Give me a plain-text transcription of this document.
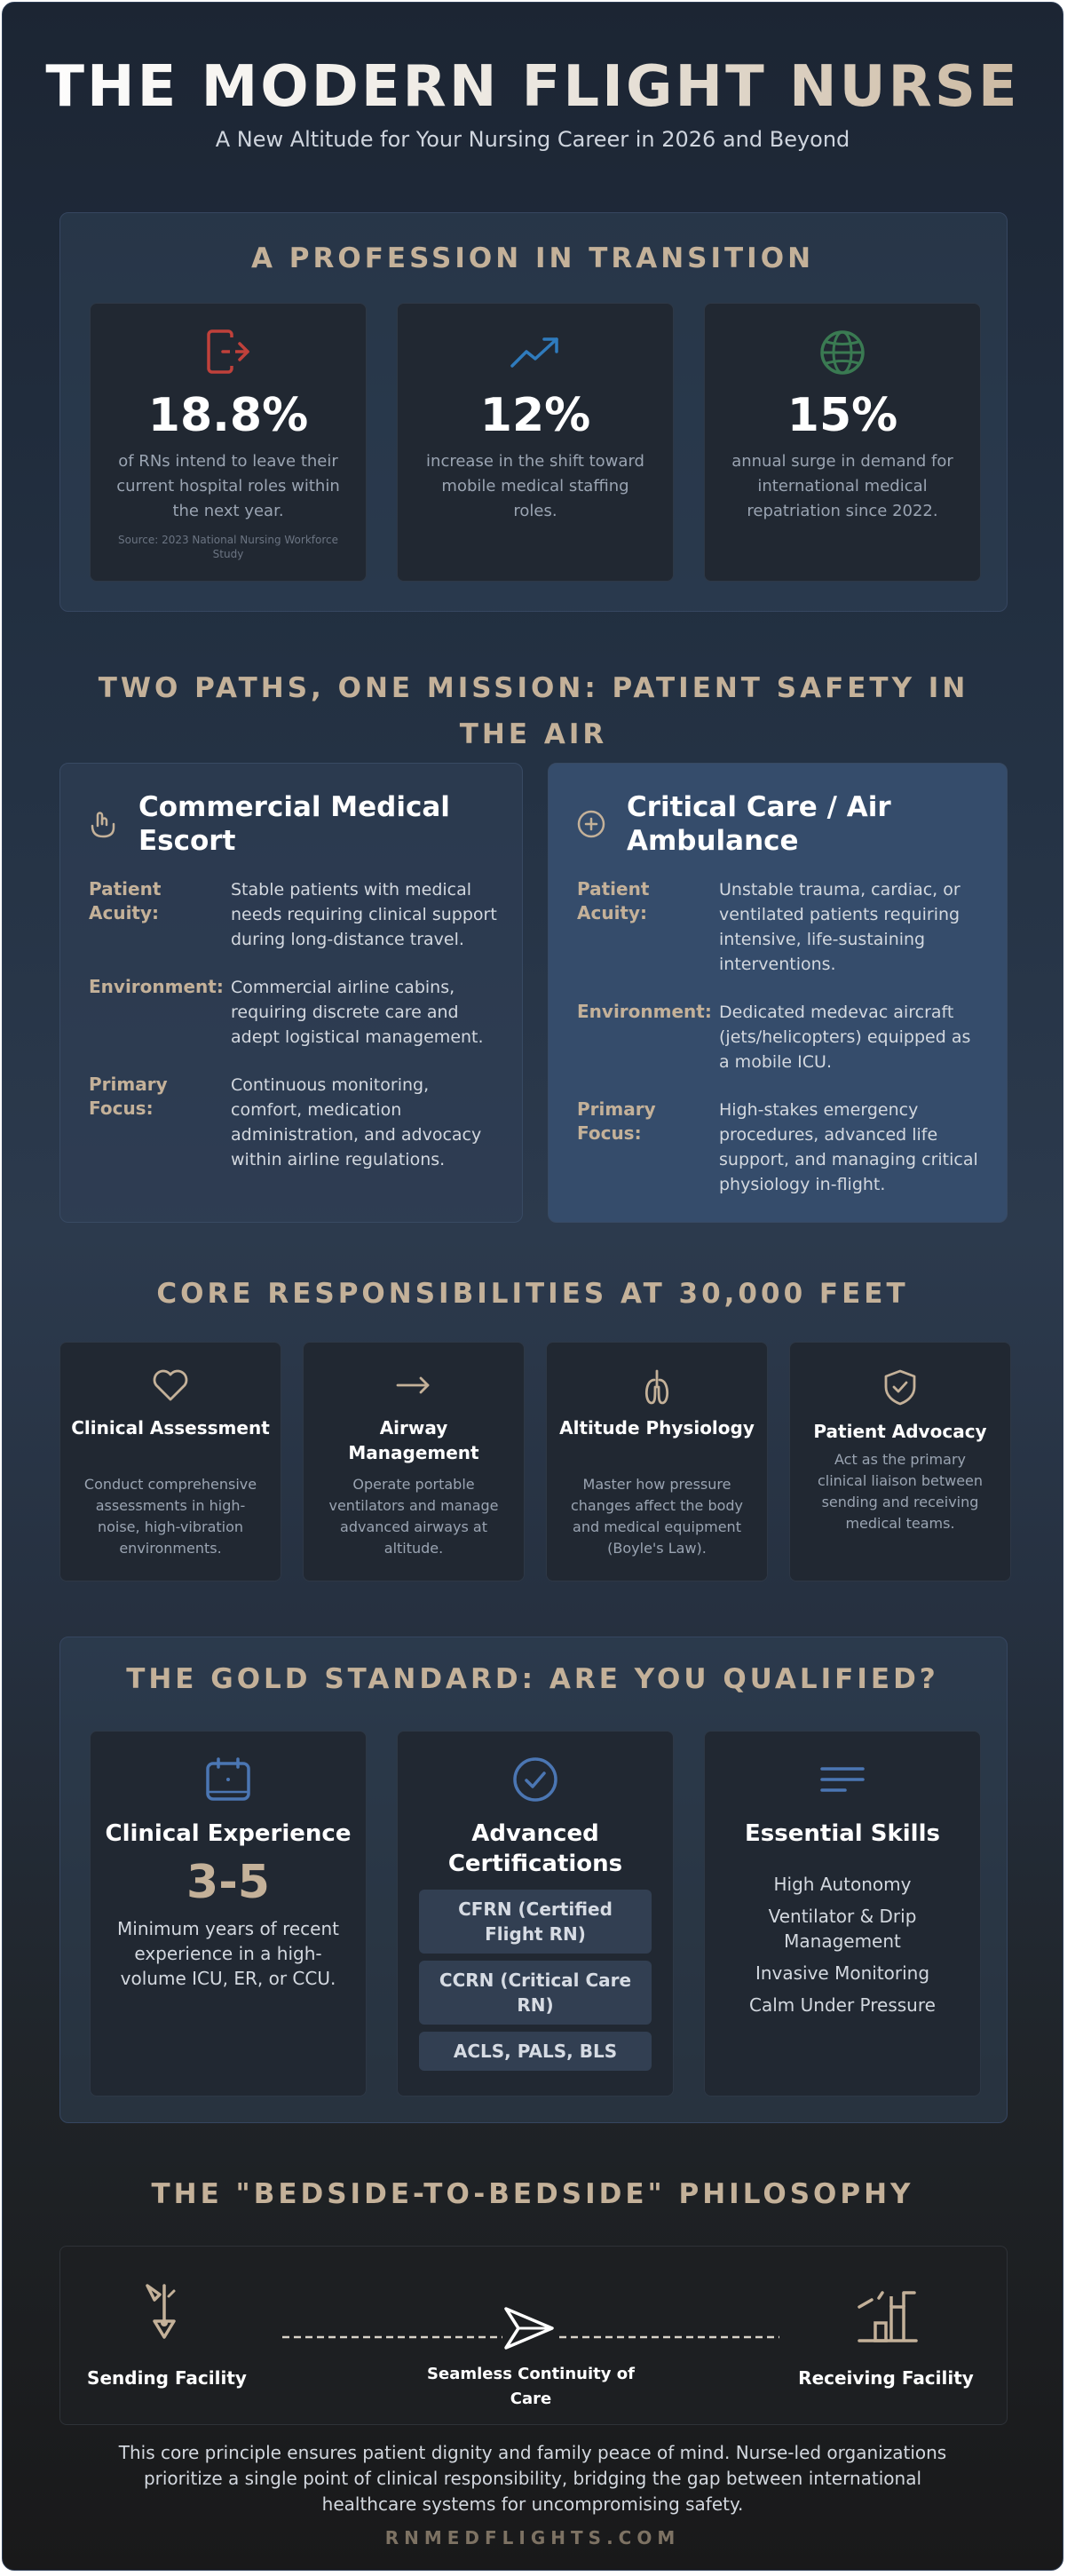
THE MODERN FLIGHT NURSE
A New Altitude for Your Nursing Career in 2026 and Beyond
A PROFESSION IN TRANSITION
18.8%
of RNs intend to leave their current hospital roles within the next year.
Source: 2023 National Nursing Workforce Study
12%
increase in the shift toward mobile medical staffing roles.
15%
annual surge in demand for international medical repatriation since 2022.
TWO PATHS, ONE MISSION: PATIENT SAFETY IN THE AIR
Commercial Medical Escort
Patient Acuity:
Stable patients with medical needs requiring clinical support during long-distance travel.
Environment: Commercial airline cabins, requiring discrete care and adept logistical management.
Primary Focus:
Continuous monitoring, comfort, medication administration, and advocacy within airline regulations.
Critical Care / Air Ambulance
Patient Acuity:
Unstable trauma, cardiac, or ventilated patients requiring intensive, life-sustaining interventions.
Environment: Dedicated medevac aircraft (jets/helicopters) equipped as a mobile ICU.
Primary Focus:
High-stakes emergency procedures, advanced life support, and managing critical physiology in-flight.
CORE RESPONSIBILITIES AT 30,000 FEET
Clinical Assessment
Conduct comprehensive assessments in high-noise, high-vibration environments.
Airway Management
Operate portable ventilators and manage advanced airways at altitude.
Altitude Physiology
Master how pressure changes affect the body and medical equipment (Boyle's Law).
Patient Advocacy
Act as the primary clinical liaison between sending and receiving medical teams.
THE GOLD STANDARD: ARE YOU QUALIFIED?
Clinical Experience
3-5
Minimum years of recent experience in a high-volume ICU, ER, or CCU.
Advanced Certifications
CFRN (Certified Flight RN)
CCRN (Critical Care RN)
ACLS, PALS, BLS
Essential Skills
High Autonomy
Ventilator & Drip Management
Invasive Monitoring
Calm Under Pressure
THE "BEDSIDE-TO-BEDSIDE" PHILOSOPHY
Sending Facility	Seamless Continuity of Care
Receiving Facility
This core principle ensures patient dignity and family peace of mind. Nurse-led organizations prioritize a single point of clinical responsibility, bridging the gap between international healthcare systems for uncompromising safety.
RNMEDFLIGHTS.COM
